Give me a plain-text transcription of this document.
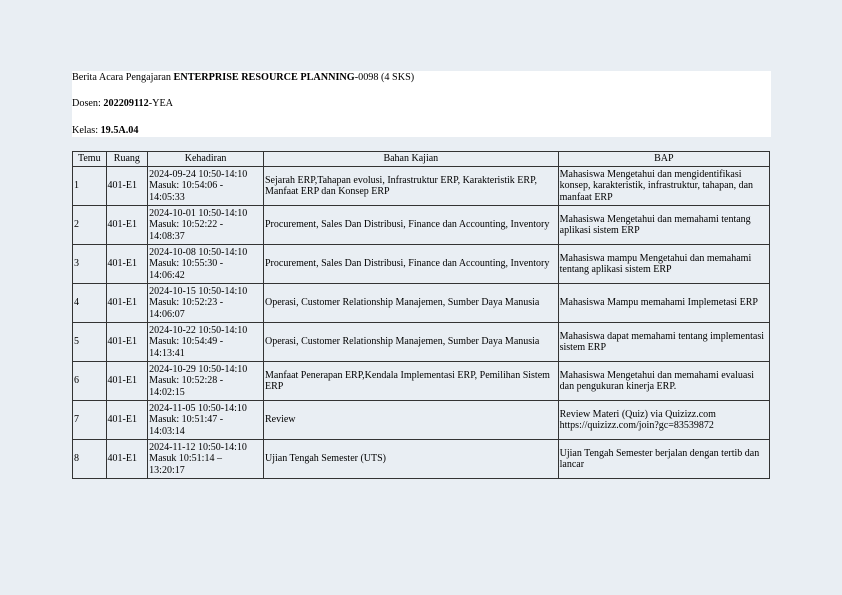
Berita Acara Pengajaran ENTERPRISE RESOURCE PLANNING-0098 (4 SKS)
Dosen: 202209112-YEA
Kelas: 19.5A.04
Temu	Ruang	Kehadiran	Bahan Kajian	BAP
1	401-E1	2024-09-24 10:50-14:10
Masuk: 10:54:06 -
14:05:33	Sejarah ERP,Tahapan evolusi, Infrastruktur ERP, Karakteristik ERP, Manfaat ERP dan Konsep ERP	Mahasiswa Mengetahui dan mengidentifikasi konsep, karakteristik, infrastruktur, tahapan, dan manfaat ERP
2	401-E1	2024-10-01 10:50-14:10
Masuk: 10:52:22 -
14:08:37	Procurement, Sales Dan Distribusi, Finance dan Accounting, Inventory	Mahasiswa Mengetahui dan memahami tentang aplikasi sistem ERP
3	401-E1	2024-10-08 10:50-14:10
Masuk: 10:55:30 -
14:06:42	Procurement, Sales Dan Distribusi, Finance dan Accounting, Inventory	Mahasiswa mampu Mengetahui dan memahami tentang aplikasi sistem ERP
4	401-E1	2024-10-15 10:50-14:10
Masuk: 10:52:23 -
14:06:07	Operasi, Customer Relationship Manajemen, Sumber Daya Manusia	Mahasiswa Mampu memahami Implemetasi ERP
5	401-E1	2024-10-22 10:50-14:10
Masuk: 10:54:49 -
14:13:41	Operasi, Customer Relationship Manajemen, Sumber Daya Manusia	Mahasiswa dapat memahami tentang implementasi sistem ERP
6	401-E1	2024-10-29 10:50-14:10
Masuk: 10:52:28 -
14:02:15	Manfaat Penerapan ERP,Kendala Implementasi ERP, Pemilihan Sistem ERP	Mahasiswa Mengetahui dan memahami evaluasi dan pengukuran kinerja ERP.
7	401-E1	2024-11-05 10:50-14:10
Masuk: 10:51:47 -
14:03:14	Review	Review Materi (Quiz) via Quizizz.com https://quizizz.com/join?gc=83539872
8	401-E1	2024-11-12 10:50-14:10
Masuk 10:51:14 –
13:20:17	Ujian Tengah Semester (UTS)	Ujian Tengah Semester berjalan dengan tertib dan lancar
